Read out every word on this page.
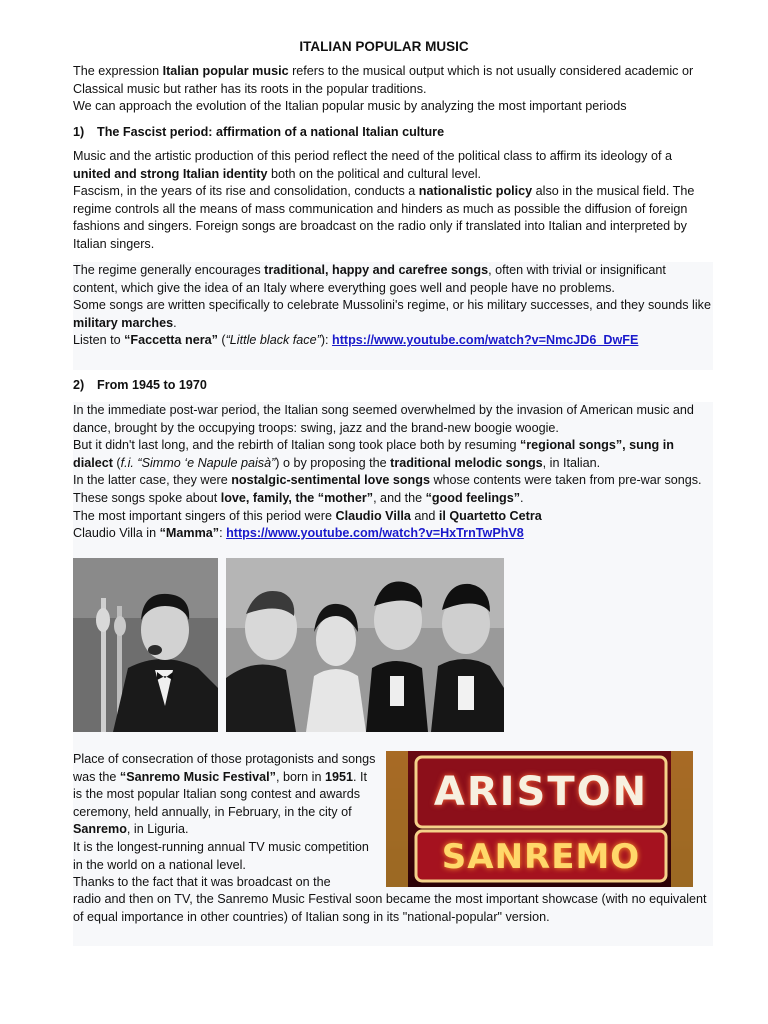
ITALIAN POPULAR MUSIC

The expression Italian popular music refers to the musical output which is not usually considered academic or Classical music but rather has its roots in the popular traditions.

We can approach the evolution of the Italian popular music by analyzing the most important periods

1) The Fascist period: affirmation of a national Italian culture

Music and the artistic production of this period reflect the need of the political class to affirm its ideology of a united and strong Italian identity both on the political and cultural level.

Fascism, in the years of its rise and consolidation, conducts a nationalistic policy also in the musical field. The regime controls all the means of mass communication and hinders as much as possible the diffusion of foreign fashions and singers. Foreign songs are broadcast on the radio only if translated into Italian and interpreted by Italian singers.

The regime generally encourages traditional, happy and carefree songs, often with trivial or insignificant content, which give the idea of an Italy where everything goes well and people have no problems.

Some songs are written specifically to celebrate Mussolini's regime, or his military successes, and they sounds like military marches.

Listen to “Faccetta nera” (“Little black face”): https://www.youtube.com/watch?v=NmcJD6_DwFE

2) From 1945 to 1970

In the immediate post-war period, the Italian song seemed overwhelmed by the invasion of American music and dance, brought by the occupying troops: swing, jazz and the brand-new boogie woogie.

But it didn't last long, and the rebirth of Italian song took place both by resuming “regional songs”, sung in dialect (f.i. “Simmo ‘e Napule paisà”) o by proposing the traditional melodic songs, in Italian.

In the latter case, they were nostalgic-sentimental love songs whose contents were taken from pre-war songs. These songs spoke about love, family, the “mother”, and the “good feelings”.

The most important singers of this period were Claudio Villa and il Quartetto Cetra

Claudio Villa in “Mamma”: https://www.youtube.com/watch?v=HxTrnTwPhV8

Place of consecration of those protagonists and songs was the “Sanremo Music Festival”, born in 1951. It is the most popular Italian song contest and awards ceremony, held annually, in February, in the city of Sanremo, in Liguria.

It is the longest-running annual TV music competition in the world on a national level.

Thanks to the fact that it was broadcast on the

radio and then on TV, the Sanremo Music Festival soon became the most important showcase (with no equivalent of equal importance in other countries) of Italian song in its "national-popular" version.
ARISTON
SANREMO
